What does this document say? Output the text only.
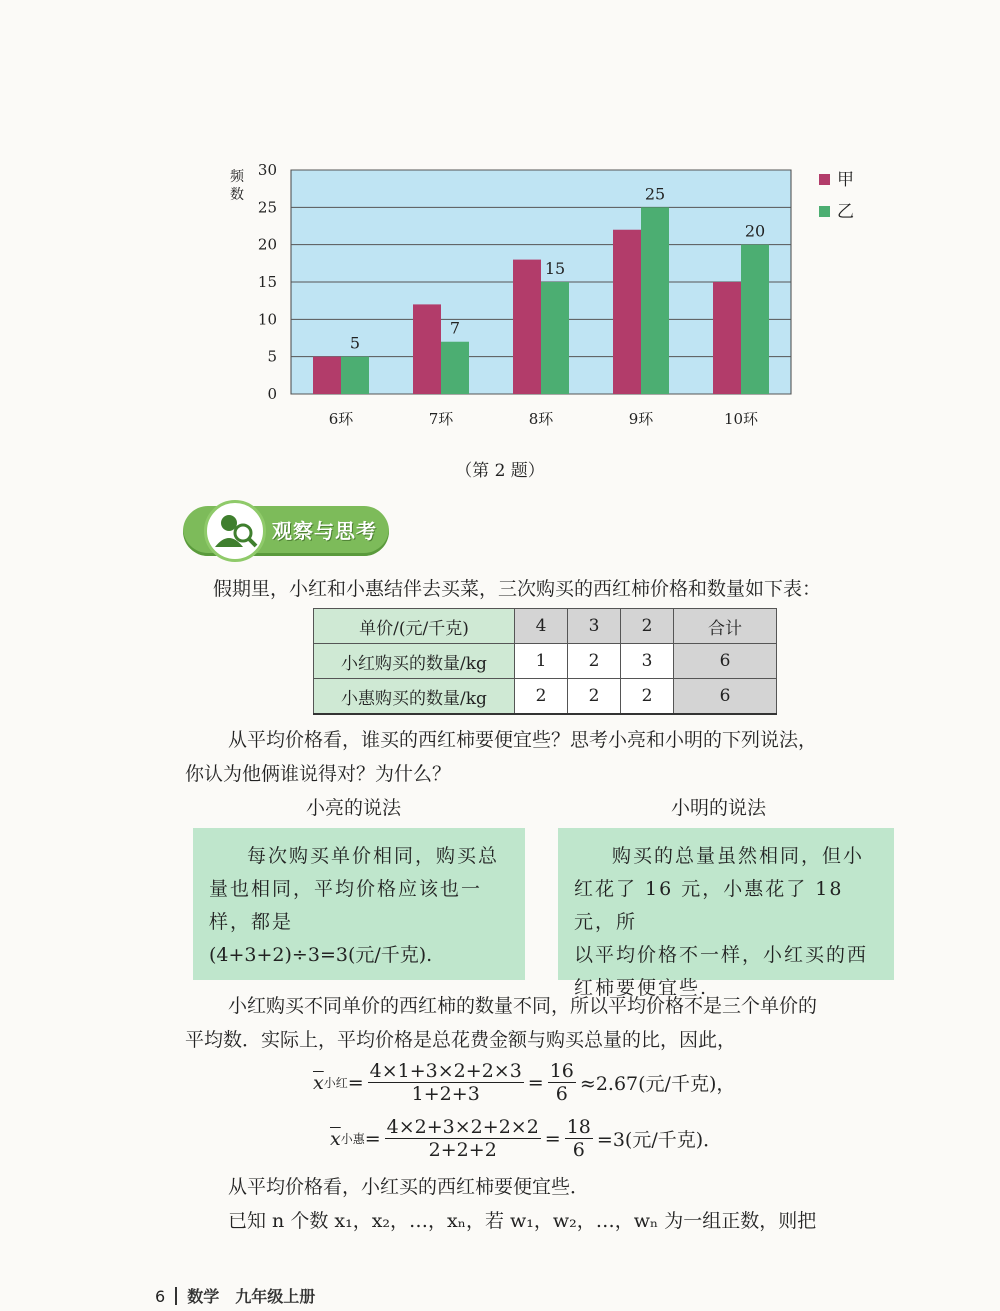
0
5
10
15
20
25
30
频
数
6环	7环	8环	9环	10环
5
7
15
25
20
甲
乙
（第 2 题）
观察与思考
假期里，小红和小惠结伴去买菜，三次购买的西红柿价格和数量如下表：
单价/(元/千克)	4	3	2	合计
小红购买的数量/kg	1	2	3	6
小惠购买的数量/kg	2	2	2	6
从平均价格看，谁买的西红柿要便宜些？思考小亮和小明的下列说法，
你认为他俩谁说得对？为什么？
小亮的说法	小明的说法
每次购买单价相同，购买总
量也相同，平均价格应该也一
样，都是
(4+3+2)÷3=3(元/千克).
购买的总量虽然相同，但小
红花了 16 元，小惠花了 18 元，所
以平均价格不一样，小红买的西
红柿要便宜些.
小红购买不同单价的西红柿的数量不同，所以平均价格不是三个单价的
平均数．实际上，平均价格是总花费金额与购买总量的比，因此，
$\overline{x}$ 小红 = $\frac{4\times 1+3\times 2+2\times 3}{1+2+3} = \frac{16}{6} \approx 2.67$(元/千克)，
$\overline{x}$ 小惠 = $\frac{4\times 2+3\times 2+2\times 2}{2+2+2} = \frac{18}{6} =3$(元/千克)．
从平均价格看，小红买的西红柿要便宜些．
已知 n 个数 x₁，x₂，…，xₙ，若 w₁，w₂，…，wₙ 为一组正数，则把
6 数学　九年级上册
